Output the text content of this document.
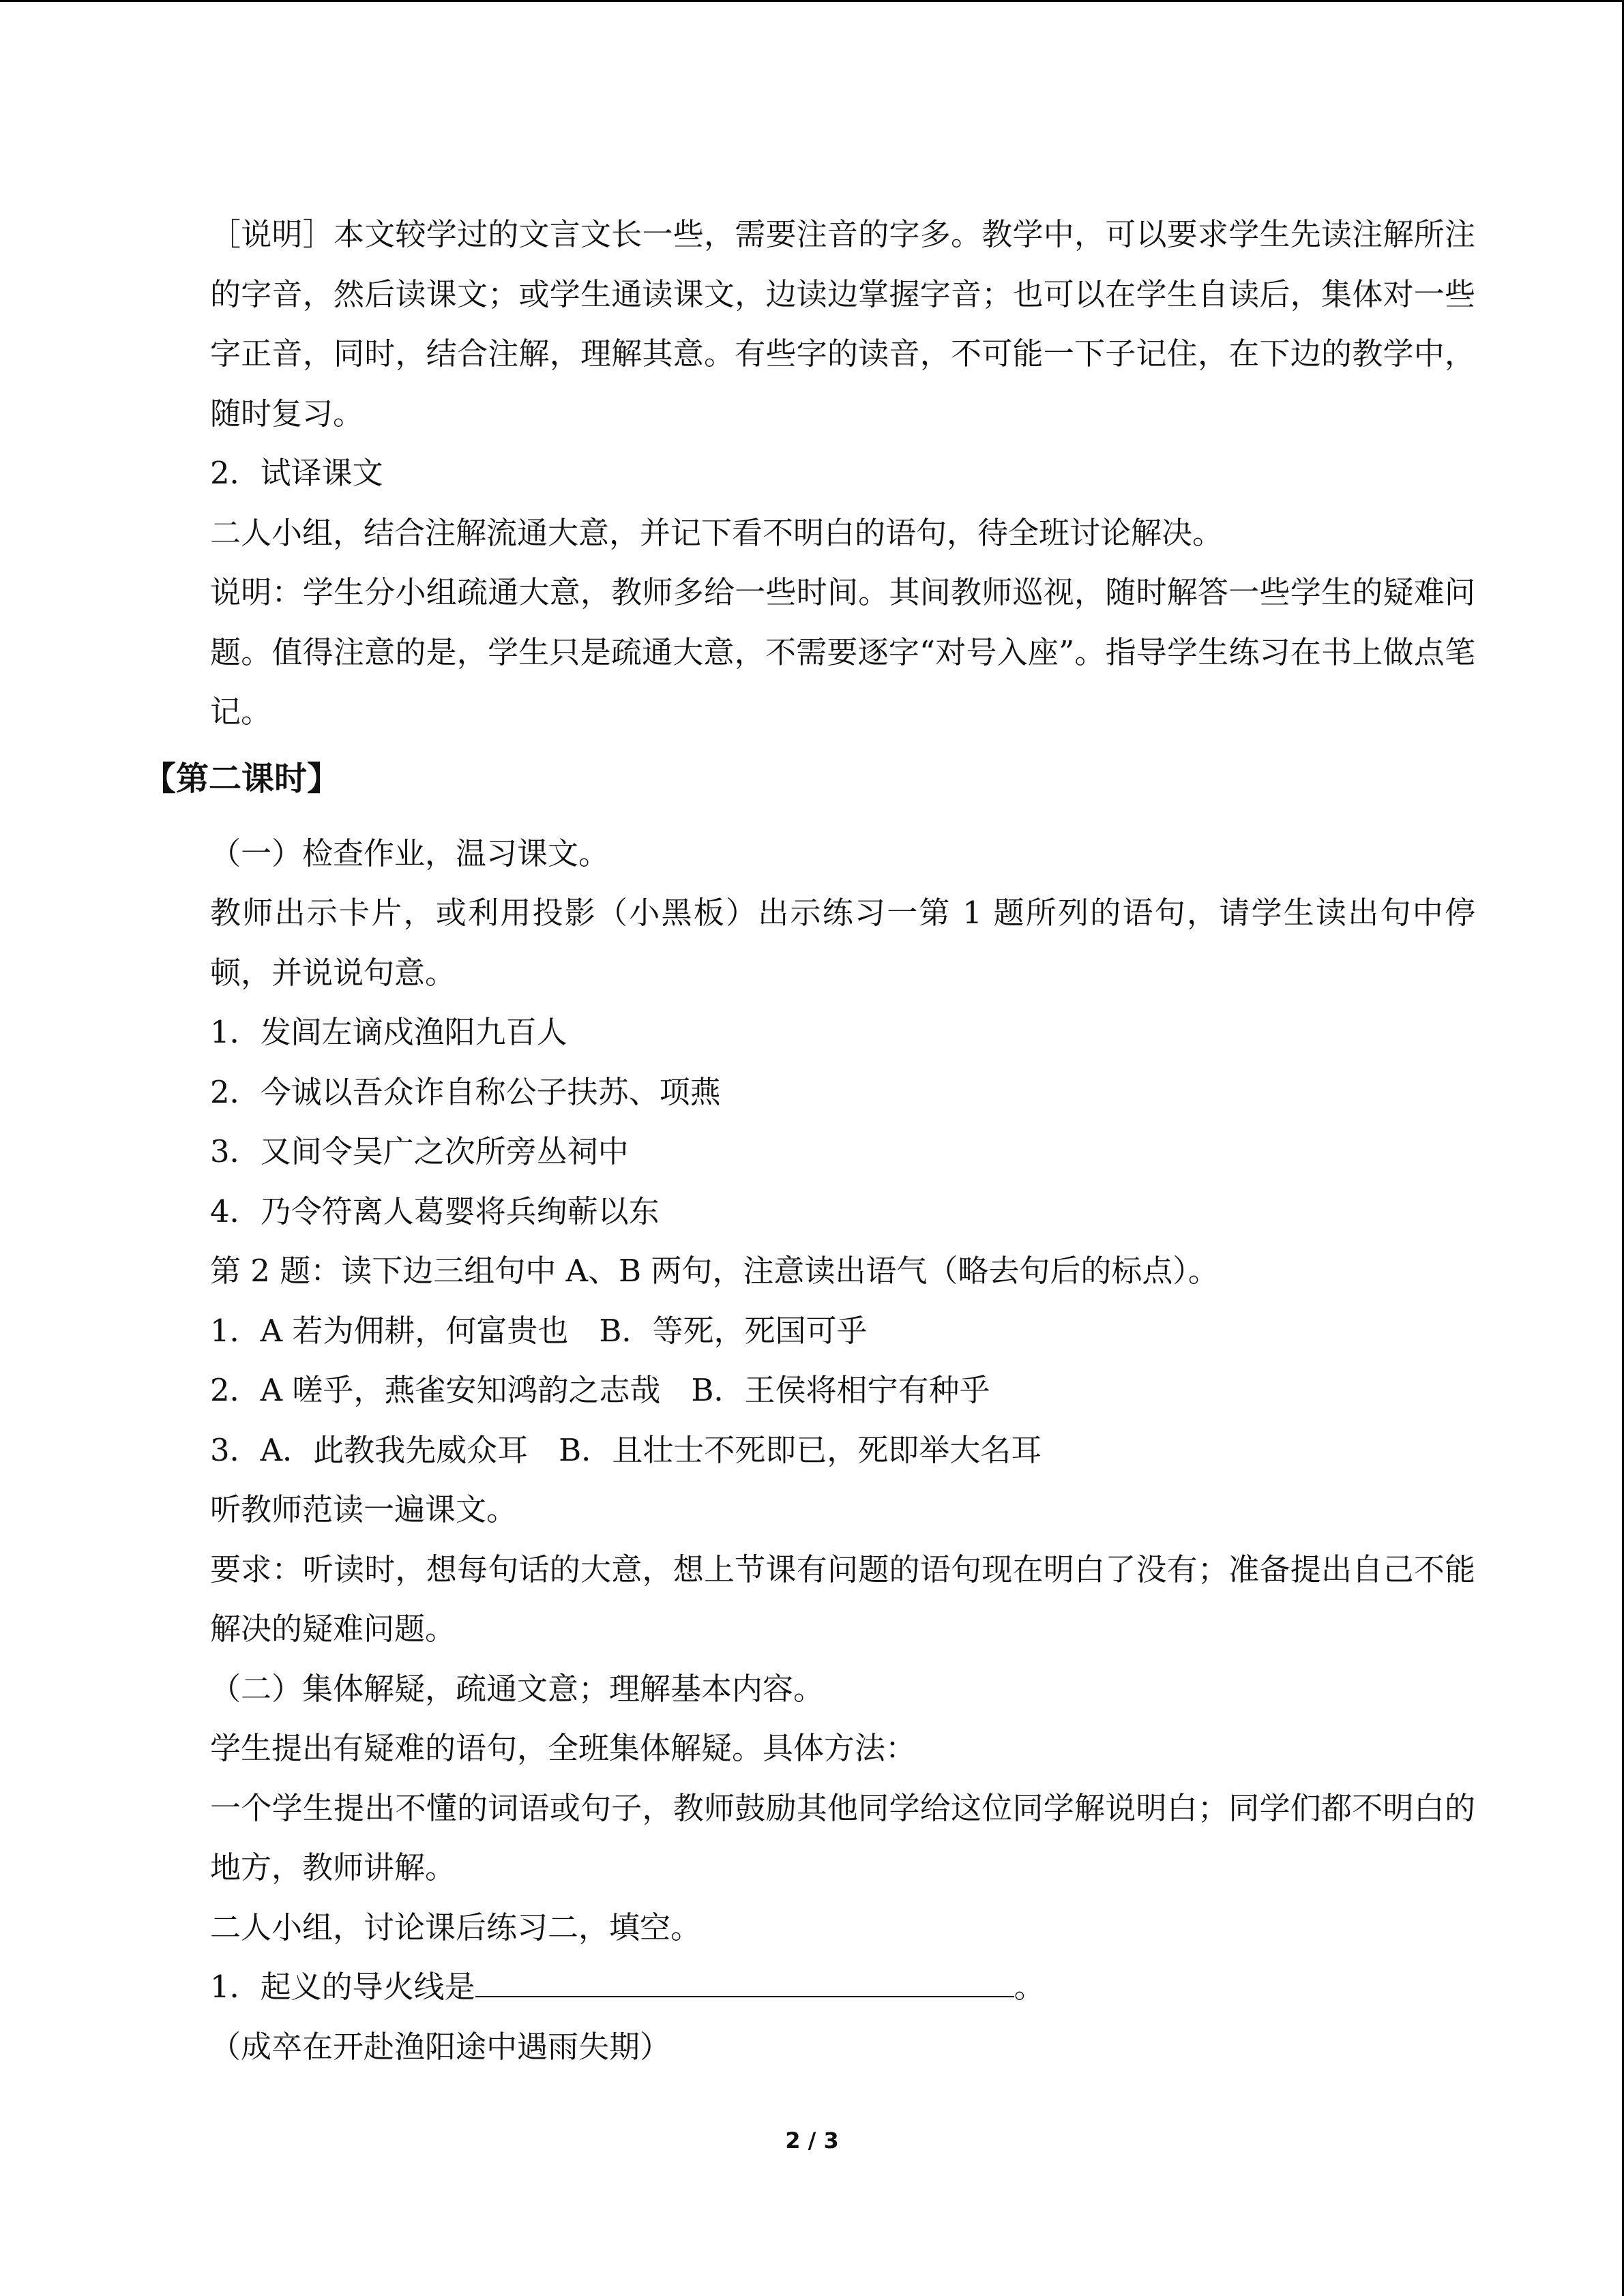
［说明］本文较学过的文言文长一些，需要注音的字多。教学中，可以要求学生先读注解所注的字音，然后读课文；或学生通读课文，边读边掌握字音；也可以在学生自读后，集体对一些字正音，同时，结合注解，理解其意。有些字的读音，不可能一下子记住，在下边的教学中，随时复习。

2．试译课文

二人小组，结合注解流通大意，并记下看不明白的语句，待全班讨论解决。

说明：学生分小组疏通大意，教师多给一些时间。其间教师巡视，随时解答一些学生的疑难问题。值得注意的是，学生只是疏通大意，不需要逐字“对号入座”。指导学生练习在书上做点笔记。

【第二课时】

（一）检查作业，温习课文。

教师出示卡片，或利用投影（小黑板）出示练习一第 1 题所列的语句，请学生读出句中停顿，并说说句意。

1．发闾左谪戍渔阳九百人

2．今诚以吾众诈自称公子扶苏、项燕

3．又间令吴广之次所旁丛祠中

4．乃令符离人葛婴将兵绚蕲以东

第 2 题：读下边三组句中 A、B 两句，注意读出语气（略去句后的标点）。

1．A 若为佣耕，何富贵也　B．等死，死国可乎

2．A 嗟乎，燕雀安知鸿韵之志哉　B．王侯将相宁有种乎

3．A．此教我先威众耳　B．且壮士不死即已，死即举大名耳

听教师范读一遍课文。

要求：听读时，想每句话的大意，想上节课有问题的语句现在明白了没有；准备提出自己不能解决的疑难问题。

（二）集体解疑，疏通文意；理解基本内容。

学生提出有疑难的语句，全班集体解疑。具体方法：

一个学生提出不懂的词语或句子，教师鼓励其他同学给这位同学解说明白；同学们都不明白的地方，教师讲解。

二人小组，讨论课后练习二，填空。

1．起义的导火线是	。

（成卒在开赴渔阳途中遇雨失期）

2 / 3
